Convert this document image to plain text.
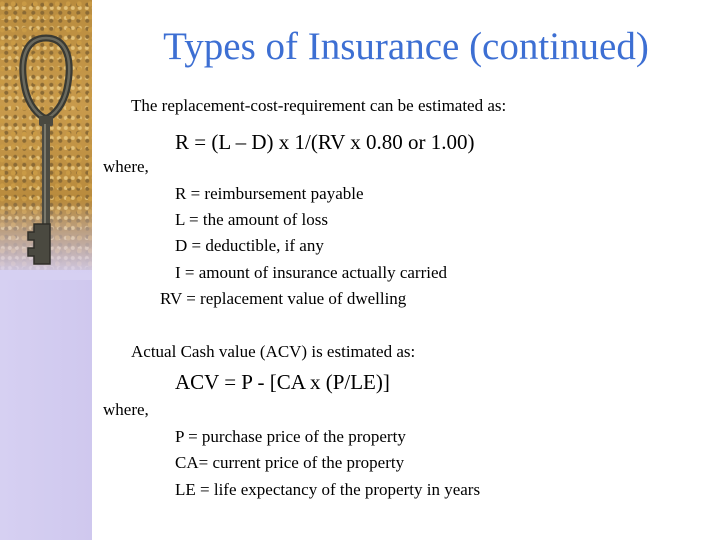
Types of Insurance (continued)
The replacement-cost-requirement can be estimated as:
R = (L – D) x 1/(RV x 0.80 or 1.00)
where,
R = reimbursement payable
L = the amount of loss
D = deductible, if any
I = amount of insurance actually carried
RV = replacement value of dwelling
Actual Cash value (ACV) is estimated as:
ACV = P - [CA x (P/LE)]
where,
P = purchase price of the property
CA= current price of the property
LE = life expectancy of the property in years
